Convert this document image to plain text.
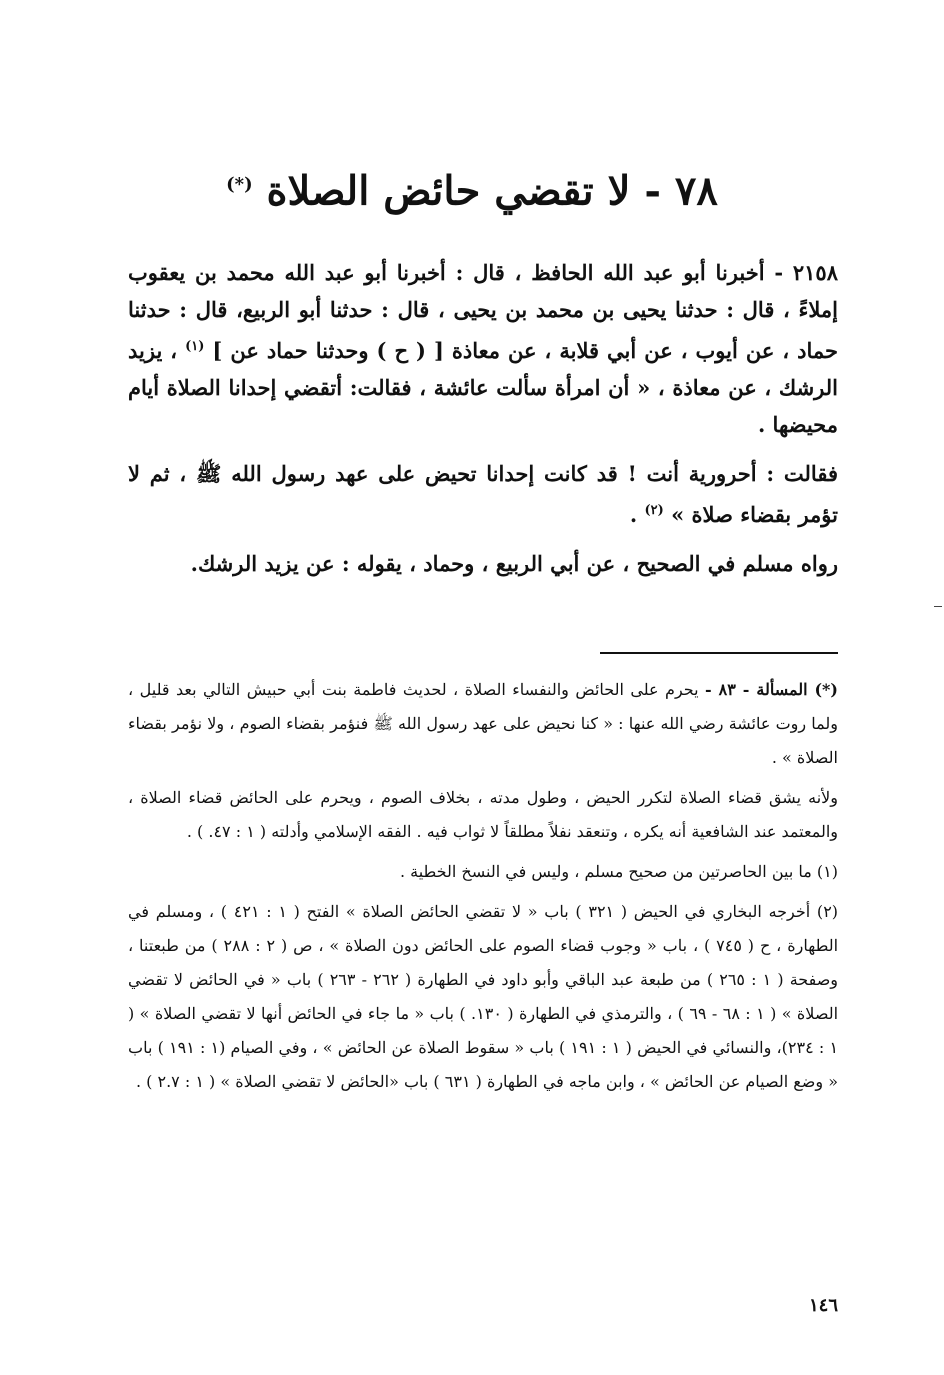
٧٨ - لا تقضي حائض الصلاة (*)

٢١٥٨ - أخبرنا أبو عبد الله الحافظ ، قال : أخبرنا أبو عبد الله محمد بن يعقوب إملاءً ، قال : حدثنا يحيى بن محمد بن يحيى ، قال : حدثنا أبو الربيع، قال : حدثنا حماد ، عن أيوب ، عن أبي قلابة ، عن معاذة [ ( ح ) وحدثنا حماد عن ] $^{(١)}$ ، يزيد الرشك ، عن معاذة ، « أن امرأة سألت عائشة ، فقالت: أتقضي إحدانا الصلاة أيام محيضها .

فقالت : أحرورية أنت ! قد كانت إحدانا تحيض على عهد رسول الله ﷺ ، ثم لا تؤمر بقضاء صلاة » $^{(٢)}$ .

رواه مسلم في الصحيح ، عن أبي الربيع ، وحماد ، يقوله : عن يزيد الرشك.

(*) المسألة - ٨٣ - يحرم على الحائض والنفساء الصلاة ، لحديث فاطمة بنت أبي حبيش التالي بعد قليل ، ولما روت عائشة رضي الله عنها : « كنا نحيض على عهد رسول الله ﷺ فنؤمر بقضاء الصوم ، ولا نؤمر بقضاء الصلاة » .

ولأنه يشق قضاء الصلاة لتكرر الحيض ، وطول مدته ، بخلاف الصوم ، ويحرم على الحائض قضاء الصلاة ، والمعتمد عند الشافعية أنه يكره ، وتنعقد نفلاً مطلقاً لا ثواب فيه . الفقه الإسلامي وأدلته ( ١ : ٤٧. ) .

(١) ما بين الحاصرتين من صحيح مسلم ، وليس في النسخ الخطية .

(٢) أخرجه البخاري في الحيض ( ٣٢١ ) باب « لا تقضي الحائض الصلاة » الفتح ( ١ : ٤٢١ ) ، ومسلم في الطهارة ، ح ( ٧٤٥ ) ، باب « وجوب قضاء الصوم على الحائض دون الصلاة » ، ص ( ٢ : ٢٨٨ ) من طبعتنا ، وصفحة ( ١ : ٢٦٥ ) من طبعة عبد الباقي وأبو داود في الطهارة ( ٢٦٢ - ٢٦٣ ) باب « في الحائض لا تقضي الصلاة » ( ١ : ٦٨ - ٦٩ ) ، والترمذي في الطهارة ( ١٣٠. ) باب « ما جاء في الحائض أنها لا تقضي الصلاة » ( ١ : ٢٣٤)، والنسائي في الحيض ( ١ : ١٩١ ) باب « سقوط الصلاة عن الحائض » ، وفي الصيام (١ : ١٩١ ) باب « وضع الصيام عن الحائض » ، وابن ماجه في الطهارة ( ٦٣١ ) باب «الحائض لا تقضي الصلاة » ( ١ : ٢.٧ ) .

١٤٦
